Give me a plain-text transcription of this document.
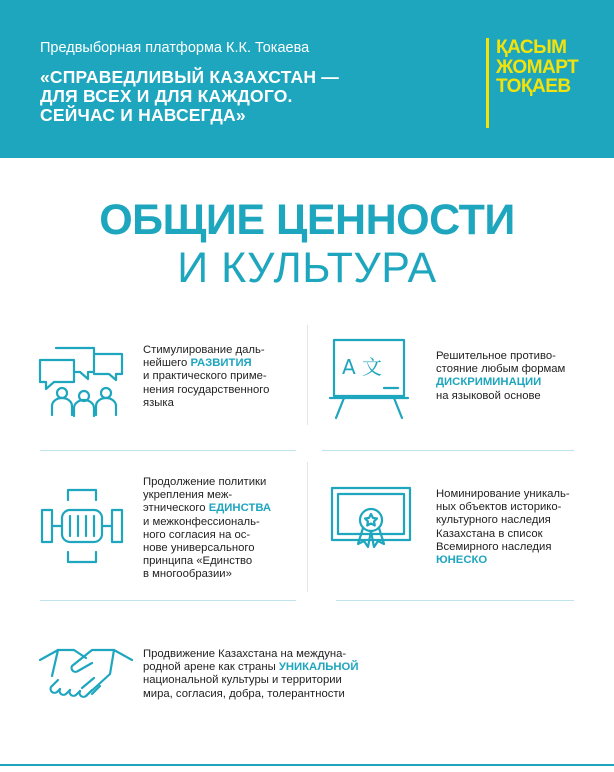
Предвыборная платформа К.К. Токаева
«СПРАВЕДЛИВЫЙ КАЗАХСТАН —
ДЛЯ ВСЕХ И ДЛЯ КАЖДОГО.
СЕЙЧАС И НАВСЕГДА»
ҚАСЫМ
ЖОМАРТ
ТОҚАЕВ
ОБЩИЕ ЦЕННОСТИ
И КУЛЬТУРА
Стимулирование даль-
нейшего РАЗВИТИЯ
и практического приме-
нения государственного
языка
A 文	Решительное противо-
стояние любым формам
ДИСКРИМИНАЦИИ
на языковой основе
Продолжение политики
укрепления меж-
этнического ЕДИНСТВА
и межконфессиональ-
ного согласия на ос-
нове универсального
принципа «Единство
в многообразии»
Номинирование уникаль-
ных объектов историко-
культурного наследия
Казахстана в список
Всемирного наследия
ЮНЕСКО
Продвижение Казахстана на междуна-
родной арене как страны УНИКАЛЬНОЙ
национальной культуры и территории
мира, согласия, добра, толерантности
